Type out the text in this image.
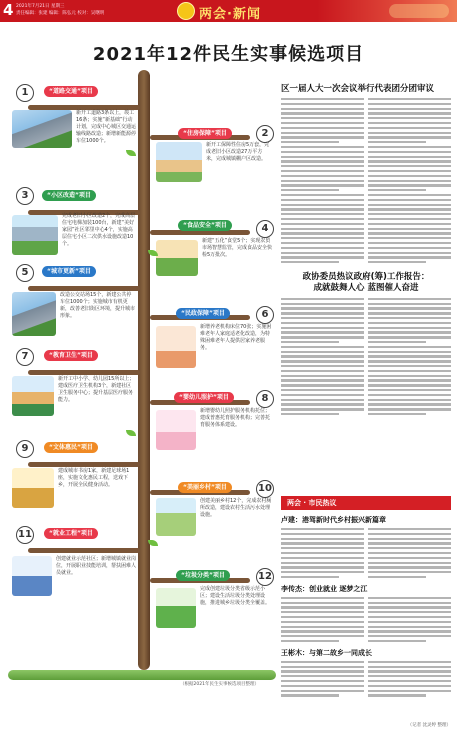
4 2021年7月21日 星期三
责任编辑：张建 编辑：陈弘元 校对：吴曙明	两会·新闻
2021年12件民生实事候选项目
1	“道路交通”项目
新开工道路3条以上，竣工16条；实施“新基础”行动计划，完成中心城区交通运输线路改造；新增新能源停车位1000个。
2
“住房保障”项目
新开工保障性住房5万套，完成老旧小区改造27万平方米，完成城镇棚户区改造。
3	“小区改造”项目
完成老旧小区改造2个，完成高层住宅电梯加装100台，新建“美好家园”社区邻里中心4个，实施高层住宅小区二次供水设施改造10个。
4
“食品安全”项目
新建“五化”食堂5个；实现农贸市场智慧监管，完成食品安全快检5万批次。
5	“城市更新”项目
改造公交站场15个，新建公共停车位1000个；实施城市有机更新，改善老旧街区环境，提升城市形象。	6
“民政保障”项目
新增养老机构床位70张；实施困难老年人家庭适老化改造，为特殊困难老年人提供居家养老服务。
7	“教育卫生”项目
新开工中小学、幼儿园15所以上；建成医疗卫生机构3个，新建社区卫生服务中心；提升基层医疗服务能力。	8
“婴幼儿照护”项目
新增婴幼儿照护服务机构托位；建成普惠托育服务机构；完善托育服务体系建设。
9	“文体惠民”项目
建成城市书房1家，新建足球场1座，实施文化惠民工程，送戏下乡，开展全民健身活动。	10
“美丽乡村”项目
创建美丽乡村12个，完成农村厕所改造，建设农村生活污水处理设施。
11	“就业工程”项目
创建就业示范社区；新增城镇就业岗位，开展职业技能培训，帮扶困难人员就业。	12
“垃圾分类”项目
完成创建垃圾分类省级示范小区；建设生活垃圾分类处理设施，推进城乡垃圾分类全覆盖。
（根据2021年民生实事候选项目整理）
区一届人大一次会议举行代表团分团审议
政协委员热议政府(筹)工作报告：
成就鼓舞人心 蓝图催人奋进
两会 · 市民热议
卢建：港驾新时代乡村振兴新篇章
李传杰：创业就业 逐梦之江
王彬木：与第二故乡一同成长
（记者 沈灵婷 整理）
